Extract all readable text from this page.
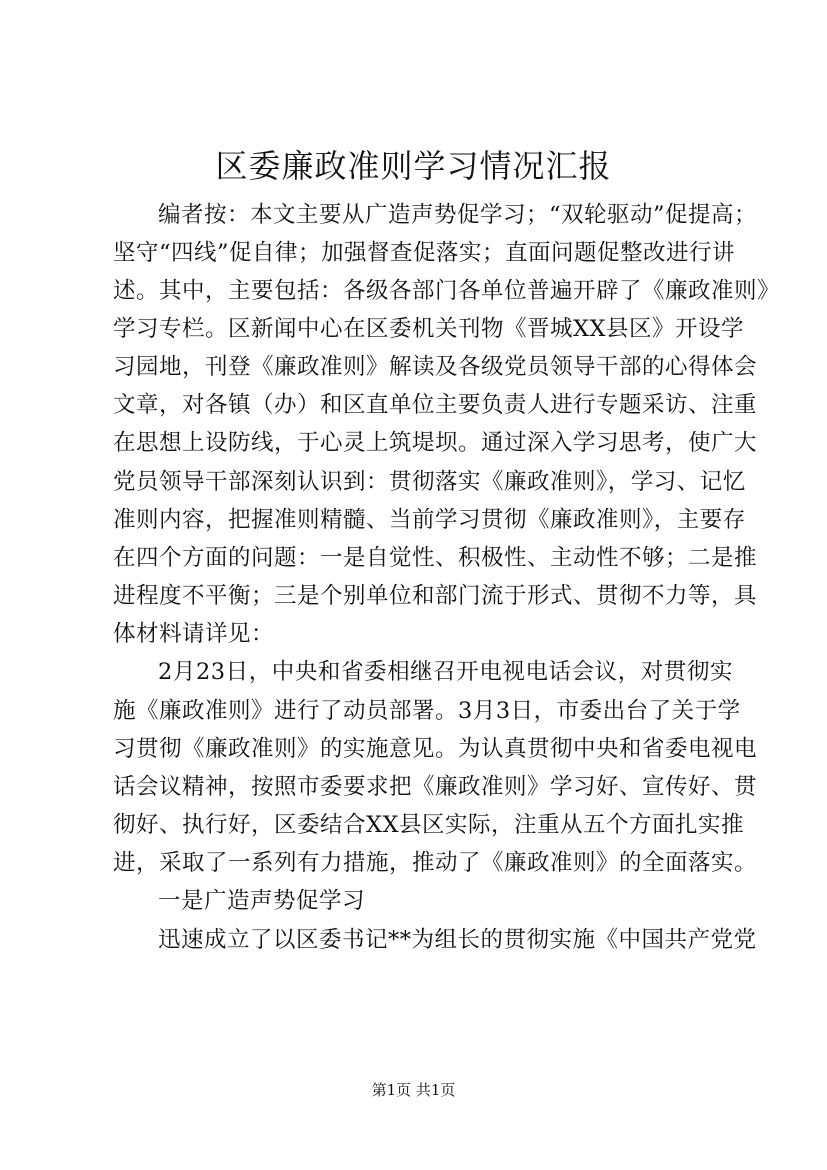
区委廉政准则学习情况汇报
编者按：本文主要从广造声势促学习；“双轮驱动”促提高；
坚守“四线”促自律；加强督查促落实；直面问题促整改进行讲
述。其中，主要包括：各级各部门各单位普遍开辟了《廉政准则》
学习专栏。区新闻中心在区委机关刊物《晋城XX县区》开设学
习园地，刊登《廉政准则》解读及各级党员领导干部的心得体会
文章，对各镇（办）和区直单位主要负责人进行专题采访、注重
在思想上设防线，于心灵上筑堤坝。通过深入学习思考，使广大
党员领导干部深刻认识到：贯彻落实《廉政准则》，学习、记忆
准则内容，把握准则精髓、当前学习贯彻《廉政准则》，主要存
在四个方面的问题：一是自觉性、积极性、主动性不够；二是推
进程度不平衡；三是个别单位和部门流于形式、贯彻不力等，具
体材料请详见：
2月23日，中央和省委相继召开电视电话会议，对贯彻实
施《廉政准则》进行了动员部署。3月3日，市委出台了关于学
习贯彻《廉政准则》的实施意见。为认真贯彻中央和省委电视电
话会议精神，按照市委要求把《廉政准则》学习好、宣传好、贯
彻好、执行好，区委结合XX县区实际，注重从五个方面扎实推
进，采取了一系列有力措施，推动了《廉政准则》的全面落实。
一是广造声势促学习
迅速成立了以区委书记**为组长的贯彻实施《中国共产党党
第1页 共1页
